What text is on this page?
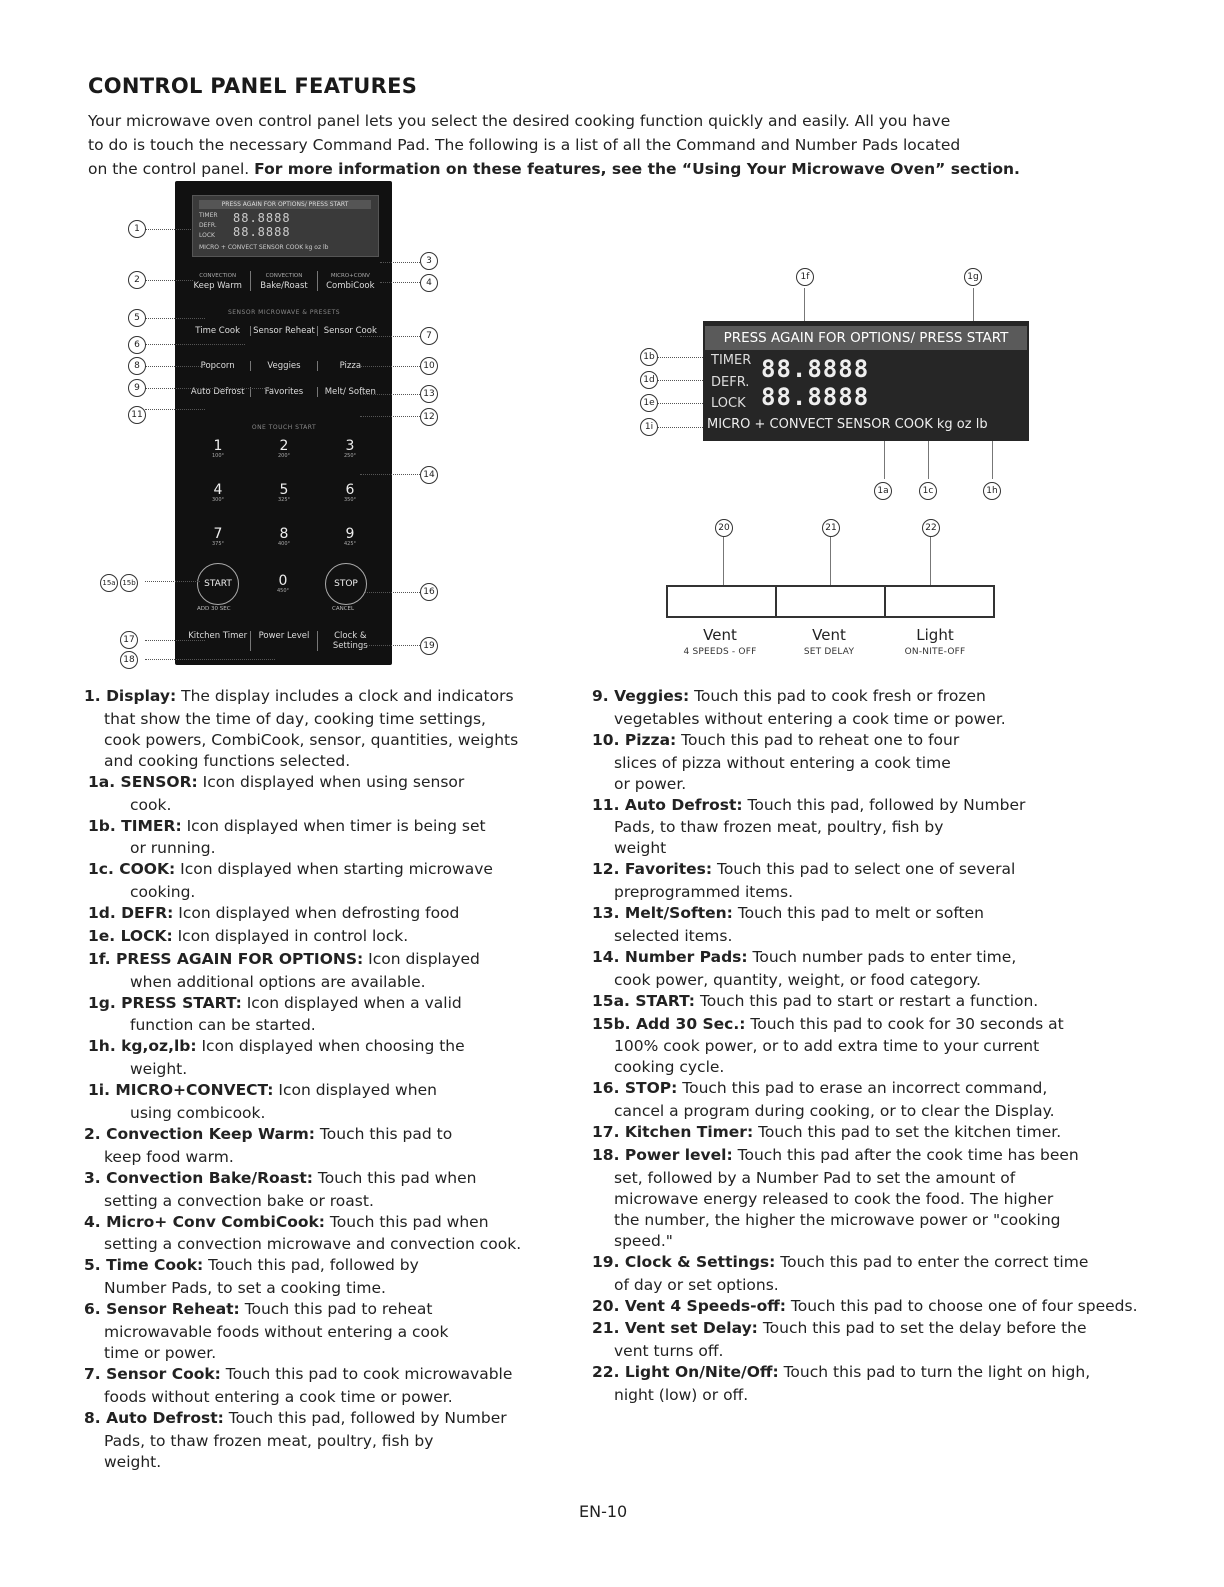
CONTROL PANEL FEATURES
Your microwave oven control panel lets you select the desired cooking function quickly and easily. All you have
to do is touch the necessary Command Pad. The following is a list of all the Command and Number Pads located
on the control panel. For more information on these features, see the “Using Your Microwave Oven” section.
PRESS AGAIN FOR OPTIONS/ PRESS START
TIMER
DEFR.
LOCK
88.8888
88.8888
MICRO + CONVECT SENSOR COOK kg oz lb
CONVECTION
Keep Warm
CONVECTION
Bake/Roast
MICRO+CONV
CombiCook
SENSOR MICROWAVE & PRESETS
Time Cook	Sensor Reheat	Sensor Cook
Popcorn	Veggies	Pizza
Auto Defrost	Favorites	Melt/ Soften
ONE TOUCH START
1
100°
2
200°
3
250°
4
300°
5
325°
6
350°
7
375°
8
400°
9
425°
START	0
450°
STOP
ADD 30 SEC	CANCEL
Kitchen Timer	Power Level	Clock & Settings
1
2
3
4
5
6
7
8
9
10
11	12
13
14
15a 15b
16
17
18
19
PRESS AGAIN FOR OPTIONS/ PRESS START
TIMER
DEFR.
LOCK
88.8888
88.8888
MICRO + CONVECT SENSOR COOK kg oz lb
1f	1g
1b
1d
1e
1i
1a	1c	1h
20	21	22
Vent
4 SPEEDS - OFF
Vent
SET DELAY
Light
ON-NITE-OFF
1. Display: The display includes a clock and indicators
that show the time of day, cooking time settings,
cook powers, CombiCook, sensor, quantities, weights
and cooking functions selected.
1a. SENSOR: Icon displayed when using sensor
cook.
1b. TIMER: Icon displayed when timer is being set
or running.
1c. COOK: Icon displayed when starting microwave
cooking.
1d. DEFR: Icon displayed when defrosting food
1e. LOCK: Icon displayed in control lock.
1f. PRESS AGAIN FOR OPTIONS: Icon displayed
when additional options are available.
1g. PRESS START: Icon displayed when a valid
function can be started.
1h. kg,oz,lb: Icon displayed when choosing the
weight.
1i. MICRO+CONVECT: Icon displayed when
using combicook.
2. Convection Keep Warm: Touch this pad to
keep food warm.
3. Convection Bake/Roast: Touch this pad when
setting a convection bake or roast.
4. Micro+ Conv CombiCook: Touch this pad when
setting a convection microwave and convection cook.
5. Time Cook: Touch this pad, followed by
Number Pads, to set a cooking time.
6. Sensor Reheat: Touch this pad to reheat
microwavable foods without entering a cook
time or power.
7. Sensor Cook: Touch this pad to cook microwavable
foods without entering a cook time or power.
8. Auto Defrost: Touch this pad, followed by Number
Pads, to thaw frozen meat, poultry, fish by
weight.
9. Veggies: Touch this pad to cook fresh or frozen
vegetables without entering a cook time or power.
10. Pizza: Touch this pad to reheat one to four
slices of pizza without entering a cook time
or power.
11. Auto Defrost: Touch this pad, followed by Number
Pads, to thaw frozen meat, poultry, fish by
weight
12. Favorites: Touch this pad to select one of several
preprogrammed items.
13. Melt/Soften: Touch this pad to melt or soften
selected items.
14. Number Pads: Touch number pads to enter time,
cook power, quantity, weight, or food category.
15a. START: Touch this pad to start or restart a function.
15b. Add 30 Sec.: Touch this pad to cook for 30 seconds at
100% cook power, or to add extra time to your current
cooking cycle.
16. STOP: Touch this pad to erase an incorrect command,
cancel a program during cooking, or to clear the Display.
17. Kitchen Timer: Touch this pad to set the kitchen timer.
18. Power level: Touch this pad after the cook time has been
set, followed by a Number Pad to set the amount of
microwave energy released to cook the food. The higher
the number, the higher the microwave power or "cooking
speed."
19. Clock & Settings: Touch this pad to enter the correct time
of day or set options.
20. Vent 4 Speeds-off: Touch this pad to choose one of four speeds.
21. Vent set Delay: Touch this pad to set the delay before the
vent turns off.
22. Light On/Nite/Off: Touch this pad to turn the light on high,
night (low) or off.
EN-10
